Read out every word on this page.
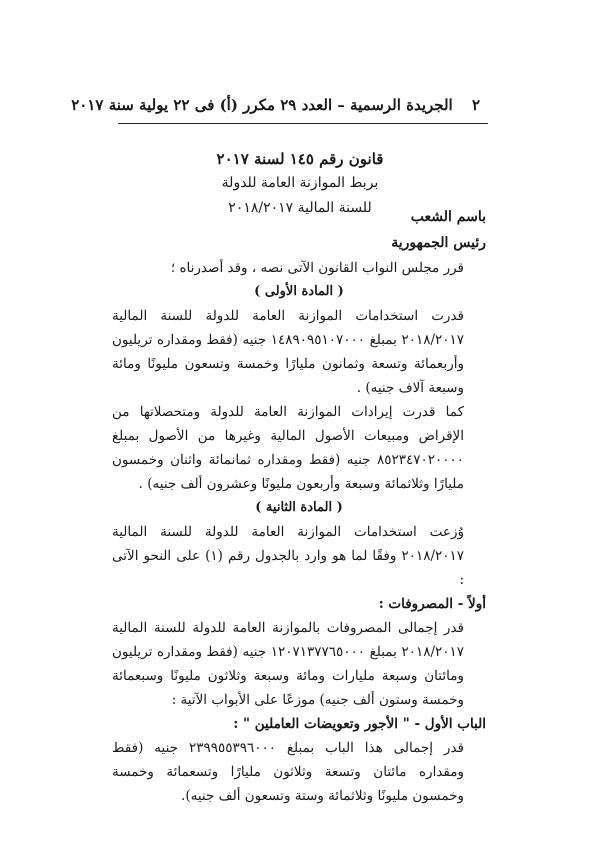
٢ الجريدة الرسمية – العدد ٢٩ مكرر (أ) فى ٢٢ يولية سنة ٢٠١٧
قانون رقم ١٤٥ لسنة ٢٠١٧
بربط الموازنة العامة للدولة
للسنة المالية ٢٠١٨/٢٠١٧

باسم الشعب

رئيس الجمهورية

قرر مجلس النواب القانون الآتى نصه ، وقد أصدرناه ؛

( المادة الأولى )

قدرت استخدامات الموازنة العامة للدولة للسنة المالية ٢٠١٨/٢٠١٧ بمبلغ ١٤٨٩٠٩٥١٠٧٠٠٠ جنيه (فقط ومقداره تريليون وأربعمائة وتسعة وثمانون مليارًا وخمسة وتسعون مليونًا ومائة وسبعة آلاف جنيه) .

كما قدرت إيرادات الموازنة العامة للدولة ومتحصلاتها من الإقراض ومبيعات الأصول المالية وغيرها من الأصول بمبلغ ٨٥٢٣٤٧٠٢٠٠٠٠ جنيه (فقط ومقداره ثمانمائة واثنان وخمسون مليارًا وثلاثمائة وسبعة وأربعون مليونًا وعشرون ألف جنيه) .

( المادة الثانية )

وُزعت استخدامات الموازنة العامة للدولة للسنة المالية ٢٠١٨/٢٠١٧ وفقًا لما هو وارد بالجدول رقم (١) على النحو الآتى :

أولاً - المصروفات :

قدر إجمالى المصروفات بالموازنة العامة للدولة للسنة المالية ٢٠١٨/٢٠١٧ بمبلغ ١٢٠٧١٣٧٧٦٥٠٠٠ جنيه (فقط ومقداره تريليون ومائتان وسبعة مليارات ومائة وسبعة وثلاثون مليونًا وسبعمائة وخمسة وستون ألف جنيه) موزعًا على الأبواب الآتية :

الباب الأول - " الأجور وتعويضات العاملين " :

قدر إجمالى هذا الباب بمبلغ ٢٣٩٩٥٥٣٩٦٠٠٠ جنيه (فقط ومقداره مائتان وتسعة وثلاثون مليارًا وتسعمائة وخمسة وخمسون مليونًا وثلاثمائة وستة وتسعون ألف جنيه).
